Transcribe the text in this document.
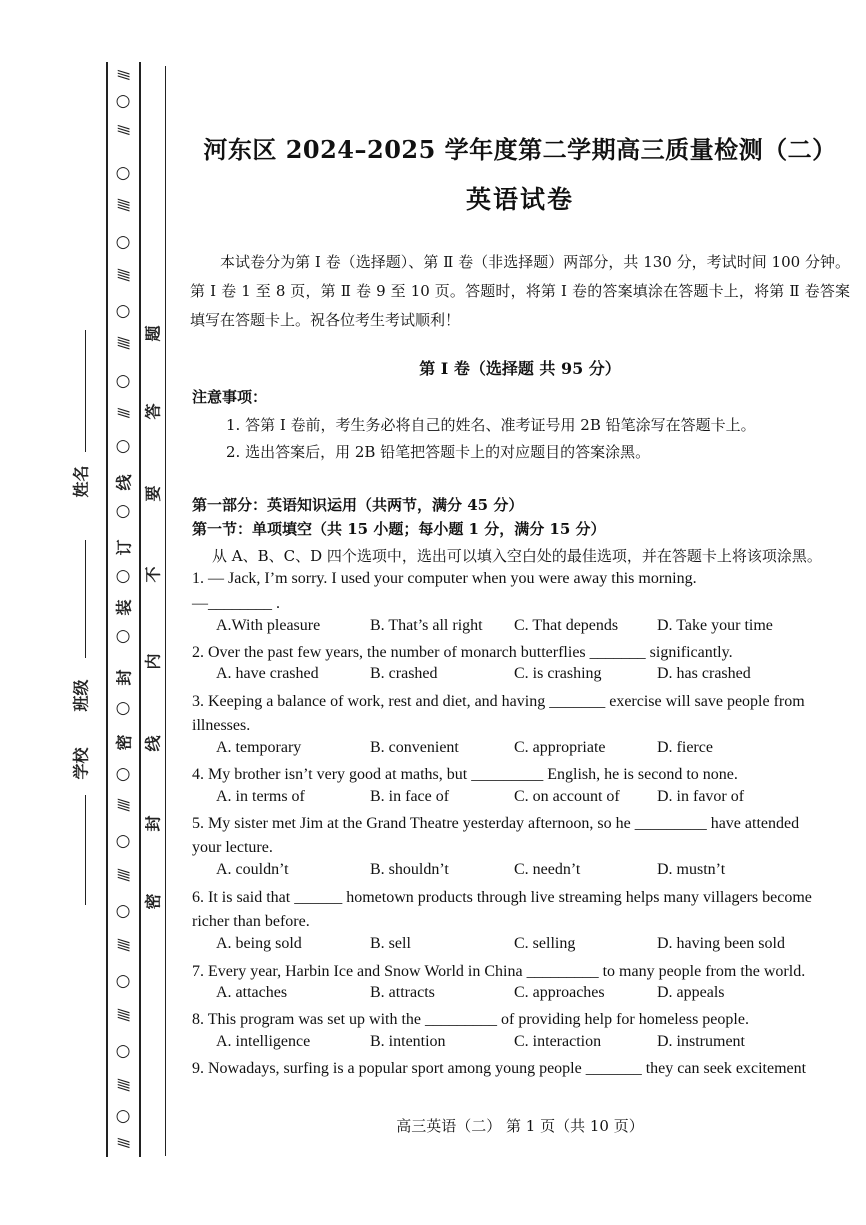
///
○
///
○
////
○
////
○
////
○
///
○
线
○
订
○
装
○
封
○
密
○
////
○
////
○
////
○
////
○
////
○
///
题
答
要
不
内
线
封
密
学校
班级
姓名
河东区 2024–2025 学年度第二学期高三质量检测（二）
英语试卷
本试卷分为第 Ⅰ 卷（选择题）、第 Ⅱ 卷（非选择题）两部分，共 130 分，考试时间 100 分钟。第 Ⅰ 卷 1 至 8 页，第 Ⅱ 卷 9 至 10 页。答题时，将第 Ⅰ 卷的答案填涂在答题卡上，将第 Ⅱ 卷答案填写在答题卡上。祝各位考生考试顺利！
第 Ⅰ 卷（选择题 共 95 分）
注意事项：
1. 答第 Ⅰ 卷前，考生务必将自己的姓名、准考证号用 2B 铅笔涂写在答题卡上。
2. 选出答案后，用 2B 铅笔把答题卡上的对应题目的答案涂黑。
第一部分：英语知识运用（共两节，满分 45 分）
第一节：单项填空（共 15 小题；每小题 1 分，满分 15 分）
从 A、B、C、D 四个选项中，选出可以填入空白处的最佳选项，并在答题卡上将该项涂黑。
1. — Jack, I’m sorry. I used your computer when you were away this morning.
—________ .
A.With pleasure	B. That’s all right C. That depends D. Take your time
2. Over the past few years, the number of monarch butterflies _______ significantly.
A. have crashed	B. crashed	C. is crashing	D. has crashed
3. Keeping a balance of work, rest and diet, and having _______ exercise will save people from
illnesses.
A. temporary	B. convenient	C. appropriate	D. fierce
4. My brother isn’t very good at maths, but _________ English, he is second to none.
A. in terms of	B. in face of	C. on account of D. in favor of
5. My sister met Jim at the Grand Theatre yesterday afternoon, so he _________ have attended
your lecture.
A. couldn’t	B. shouldn’t	C. needn’t	D. mustn’t
6. It is said that ______ hometown products through live streaming helps many villagers become
richer than before.
A. being sold	B. sell	C. selling	D. having been sold
7. Every year, Harbin Ice and Snow World in China _________ to many people from the world.
A. attaches	B. attracts	C. approaches	D. appeals
8. This program was set up with the _________ of providing help for homeless people.
A. intelligence	B. intention	C. interaction	D. instrument
9. Nowadays, surfing is a popular sport among young people _______ they can seek excitement
高三英语（二） 第 1 页（共 10 页）
